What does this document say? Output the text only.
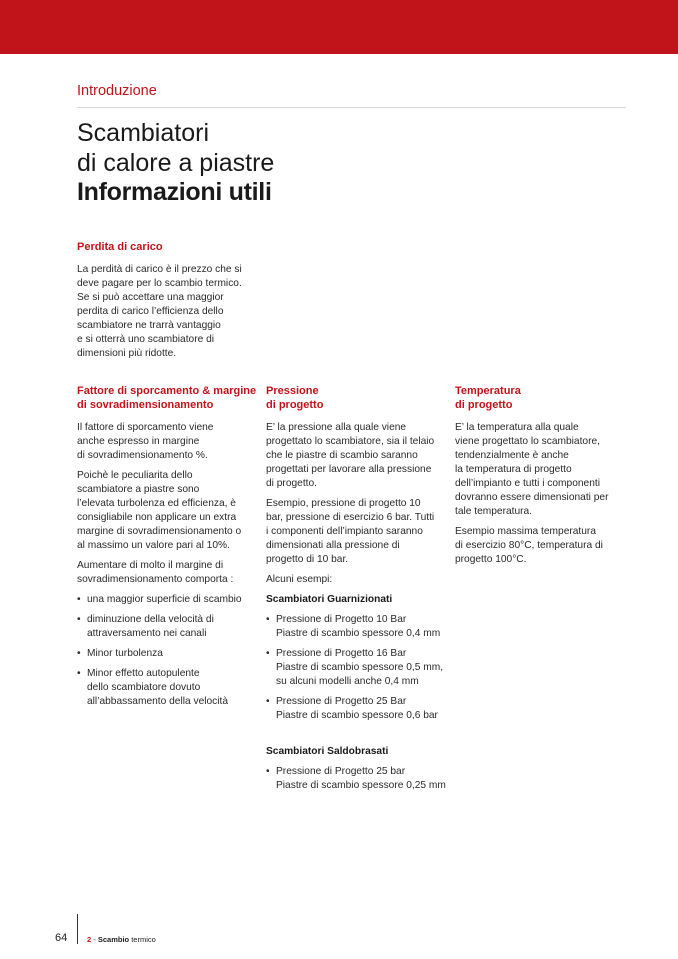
Introduzione
Scambiatori
di calore a piastre
Informazioni utili
Perdita di carico
La perdità di carico è il prezzo che si
deve pagare per lo scambio termico.
Se si può accettare una maggior
perdita di carico l’efficienza dello
scambiatore ne trarrà vantaggio
e si otterrà uno scambiatore di
dimensioni più ridotte.
Fattore di sporcamento & margine
di sovradimensionamento

Il fattore di sporcamento viene
anche espresso in margine
di sovradimensionamento %.

Poichè le peculiarita dello
scambiatore a piastre sono
l’elevata turbolenza ed efficienza, è
consigliabile non applicare un extra
margine di sovradimensionamento o
al massimo un valore pari al 10%.

Aumentare di molto il margine di
sovradimensionamento comporta :

• una maggior superficie di scambio
• diminuzione della velocità di
attraversamento nei canali
• Minor turbolenza
• Minor effetto autopulente
dello scambiatore dovuto
all’abbassamento della velocità
Pressione
di progetto

E’ la pressione alla quale viene
progettato lo scambiatore, sia il telaio
che le piastre di scambio saranno
progettati per lavorare alla pressione
di progetto.

Esempio, pressione di progetto 10
bar, pressione di esercizio 6 bar. Tutti
i componenti dell’impianto saranno
dimensionati alla pressione di
progetto di 10 bar.

Alcuni esempi:

Scambiatori Guarnizionati
• Pressione di Progetto 10 Bar
Piastre di scambio spessore 0,4 mm
• Pressione di Progetto 16 Bar
Piastre di scambio spessore 0,5 mm,
su alcuni modelli anche 0,4 mm
• Pressione di Progetto 25 Bar
Piastre di scambio spessore 0,6 bar
Scambiatori Saldobrasati
• Pressione di Progetto 25 bar
Piastre di scambio spessore 0,25 mm
Temperatura
di progetto

E’ la temperatura alla quale
viene progettato lo scambiatore,
tendenzialmente è anche
la temperatura di progetto
dell’impianto e tutti i componenti
dovranno essere dimensionati per
tale temperatura.

Esempio massima temperatura
di esercizio 80°C, temperatura di
progetto 100°C.

64	2 - Scambio termico
